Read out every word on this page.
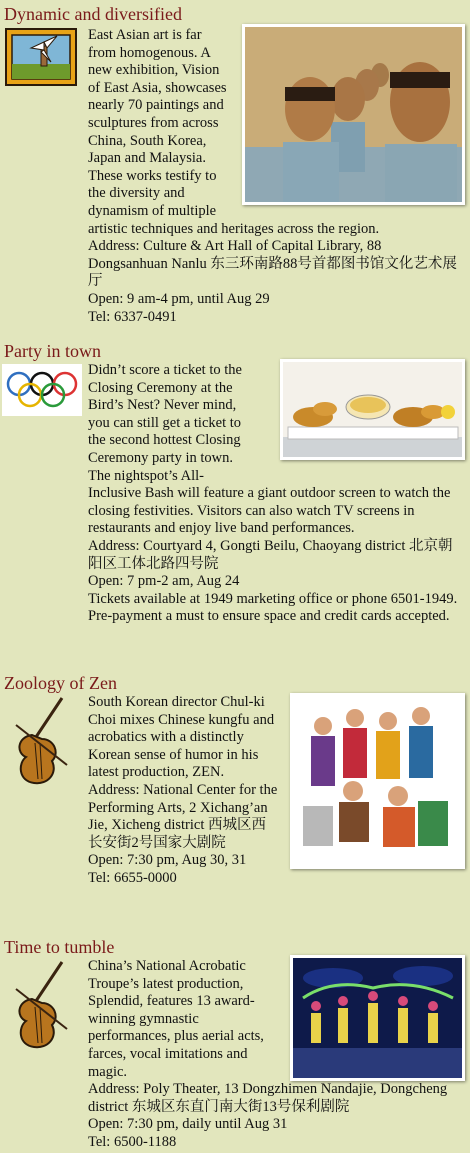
Dynamic and diversified

East Asian art is far from homogenous. A new exhibition, Vision of East Asia, showcases nearly 70 paintings and sculptures from across China, South Korea, Japan and Malaysia. These works testify to the diversity and dynamism of multiple artistic techniques and heritages across the region.

Address: Culture & Art Hall of Capital Library, 88 Dongsanhuan Nanlu 东三环南路88号首都图书馆文化艺术展厅

Open: 9 am-4 pm, until Aug 29

Tel: 6337-0491

Party in town

Didn’t score a ticket to the Closing Ceremony at the Bird’s Nest? Never mind, you can still get a ticket to the second hottest Closing Ceremony party in town. The nightspot’s All-Inclusive Bash will feature a giant outdoor screen to watch the closing festivities. Visitors can also watch TV screens in restaurants and enjoy live band performances.

Address: Courtyard 4, Gongti Beilu, Chaoyang district 北京朝阳区工体北路四号院

Open: 7 pm-2 am, Aug 24

Tickets available at 1949 marketing office or phone 6501-1949. Pre-payment a must to ensure space and credit cards accepted.

Zoology of Zen

South Korean director Chul-ki Choi mixes Chinese kungfu and acrobatics with a distinctly Korean sense of humor in his latest production, ZEN.

Address: National Center for the Performing Arts, 2 Xichang’an Jie, Xicheng district 西城区西长安街2号国家大剧院

Open: 7:30 pm, Aug 30, 31

Tel: 6655-0000

Time to tumble

China’s National Acrobatic Troupe’s latest production, Splendid, features 13 award-winning gymnastic performances, plus aerial acts, farces, vocal imitations and magic.

Address: Poly Theater, 13 Dongzhimen Nandajie, Dongcheng district 东城区东直门南大街13号保利剧院

Open: 7:30 pm, daily until Aug 31

Tel: 6500-1188
